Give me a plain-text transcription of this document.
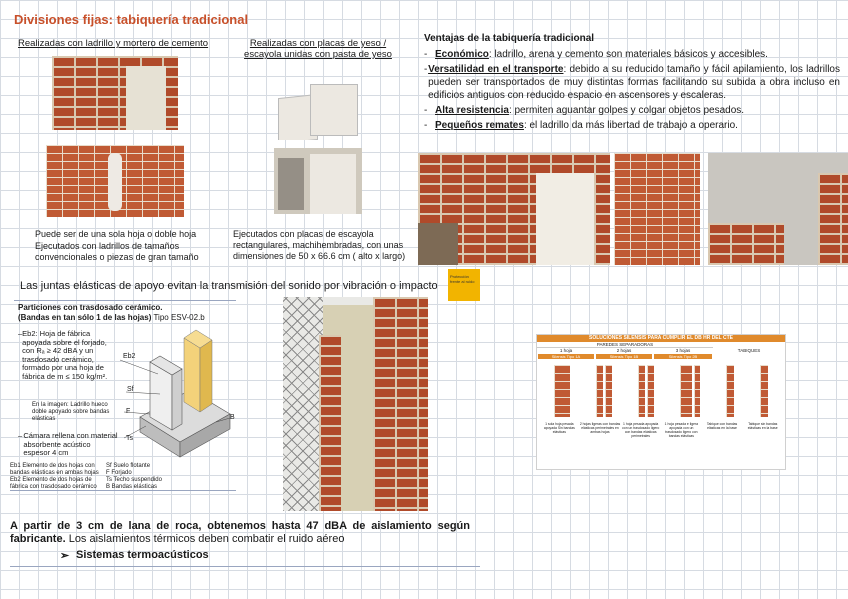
Divisiones fijas: tabiquería tradicional
Realizadas con ladrillo y mortero de cemento
Puede ser de una sola hoja o doble hoja
Ejecutados con ladrillos de tamaños convencionales o piezas de gran tamaño
Realizadas con placas de yeso / escayola unidas con pasta de yeso
Ejecutados con placas de escayola rectangulares, machihembradas, con unas dimensiones de 50 x 66.6 cm ( alto x largo)
Ventajas de la tabiquería tradicional
- Económico: ladrillo, arena y cemento son materiales básicos y accesibles.
- Versatilidad en el transporte: debido a su reducido tamaño y fácil apilamiento, los ladrillos pueden ser transportados de muy distintas formas facilitando su subida a obra incluso en edificios antiguos con reducido espacio en ascensores y escaleras.
- Alta resistencia: permiten aguantar golpes y colgar objetos pesados.
- Pequeños remates: el ladrillo da más libertad de trabajo a operario.
Las juntas elásticas de apoyo evitan la transmisión del sonido por vibración o impacto
Protección frente al ruido
Particiones con trasdosado cerámico.
(Bandas en tan sólo 1 de las hojas) Tipo ESV-02.b
– Eb2: Hoja de fábrica apoyada sobre el forjado, con Rₐ ≥ 42 dBA y un trasdosado cerámico, formado por una hoja de fábrica de m ≤ 150 kg/m².
En la imagen: Ladrillo hueco doble apoyado sobre bandas elásticas
– Cámara rellena con material absorbente acústico espesor 4 cm
Eb2
Sf
F
Ts
B
Eb1 Elemento de dos hojas con bandas elásticas en ambas hojas
Eb2 Elemento de dos hojas de fábrica con trasdosado cerámico
Sf Suelo flotante
F Forjado
Ts Techo suspendido
B Bandas elásticas
SOLUCIONES SILENSIS PARA CUMPLIR EL DB HR DEL CTE
PAREDES SEPARADORAS
1 hoja	2 hojas	3 hojas	TABIQUES
Silensis Tipo 1A	Silensis Tipo 1B	Silensis Tipo 2B
1 sola hoja pesada apoyada Sin bandas elásticas
2 hojas ligeras con bandas elásticas perimetrales en ambas hojas
1 hoja pesada apoyada con un trasdosado ligero con bandas elásticas perimetrales
1 hoja pesada e ligera apoyada con un trasdosado ligero con bandas elásticas
Tabique con bandas elásticas en la base
Tabique sin bandas elásticas en la base
A partir de 3 cm de lana de roca, obtenemos hasta 47 dBA de aislamiento según fabricante. Los aislamientos térmicos deben combatir el ruido aéreo
➢ Sistemas termoacústicos
